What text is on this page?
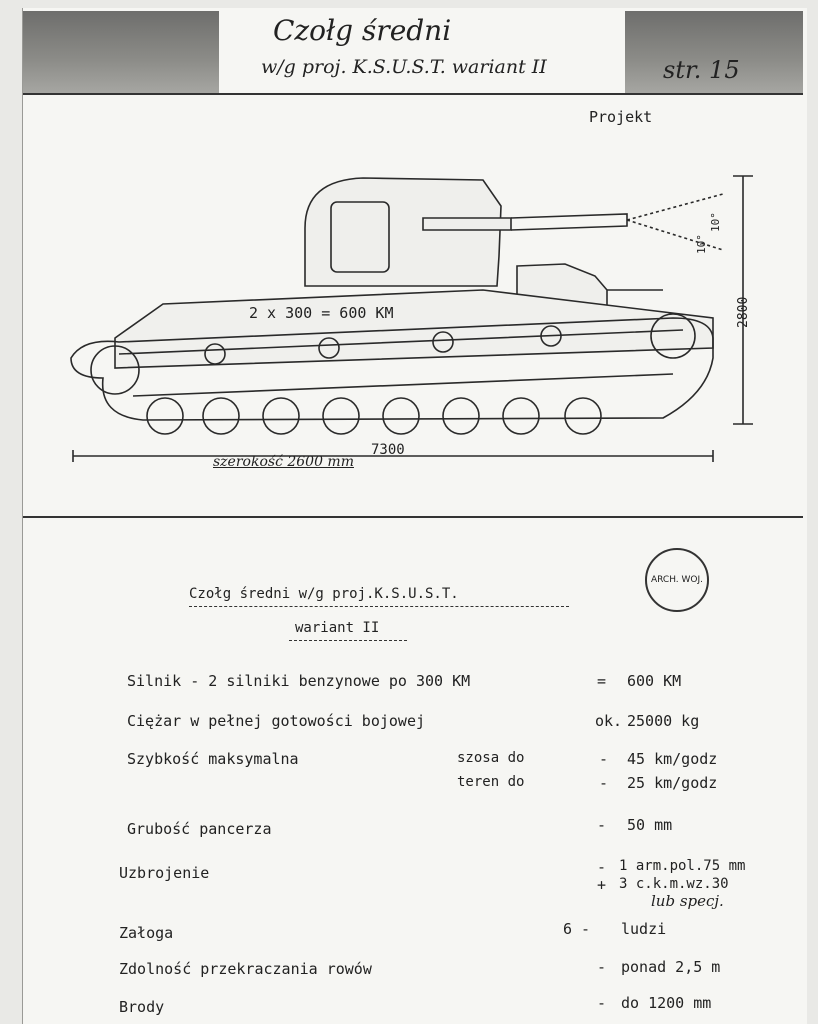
Czołg średni
w/g proj. K.S.U.S.T. wariant II	str. 15
Projekt
2 x 300 = 600 KM	2800
7300
10°
10°
szerokość 2600 mm
ARCH. WOJ.
Czołg średni w/g proj.K.S.U.S.T.
wariant II
Silnik - 2 silniki benzynowe po 300 KM	= 600 KM
Ciężar w pełnej gotowości bojowej	ok. 25000 kg
Szybkość maksymalna	szosa do	- 45 km/godz
teren do	- 25 km/godz
Grubość pancerza	- 50 mm
Uzbrojenie	- 1 arm.pol.75 mm
+ 3 c.k.m.wz.30
lub specj.
Załoga	6 - ludzi
Zdolność przekraczania rowów	- ponad 2,5 m
Brody	- do 1200 mm
